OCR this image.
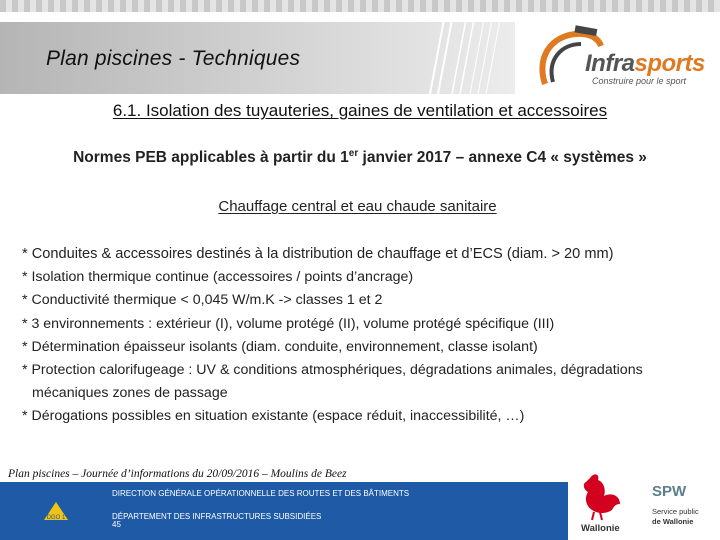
Plan piscines - Techniques	Infrasports
Construire pour le sport
6.1. Isolation des tuyauteries, gaines de ventilation et accessoires
Normes PEB applicables à partir du 1er janvier 2017 – annexe C4 « systèmes »
Chauffage central et eau chaude sanitaire
* Conduites & accessoires destinés à la distribution de chauffage et d’ECS (diam. > 20 mm)
* Isolation thermique continue (accessoires / points d’ancrage)
* Conductivité thermique < 0,045 W/m.K -> classes 1 et 2
* 3 environnements : extérieur (I), volume protégé (II), volume protégé spécifique (III)
* Détermination épaisseur isolants (diam. conduite, environnement, classe isolant)
* Protection calorifugeage : UV & conditions atmosphériques, dégradations animales, dégradations mécaniques zones de passage
* Dérogations possibles en situation existante (espace réduit, inaccessibilité, …)
Plan piscines – Journée d’informations du 20/09/2016 – Moulins de Beez
DGO 1
DIRECTION GÉNÉRALE OPÉRATIONNELLE DES ROUTES ET DES BÂTIMENTS
DÉPARTEMENT DES INFRASTRUCTURES SUBSIDIÉES
45	Wallonie
SPW
Service public
de Wallonie
